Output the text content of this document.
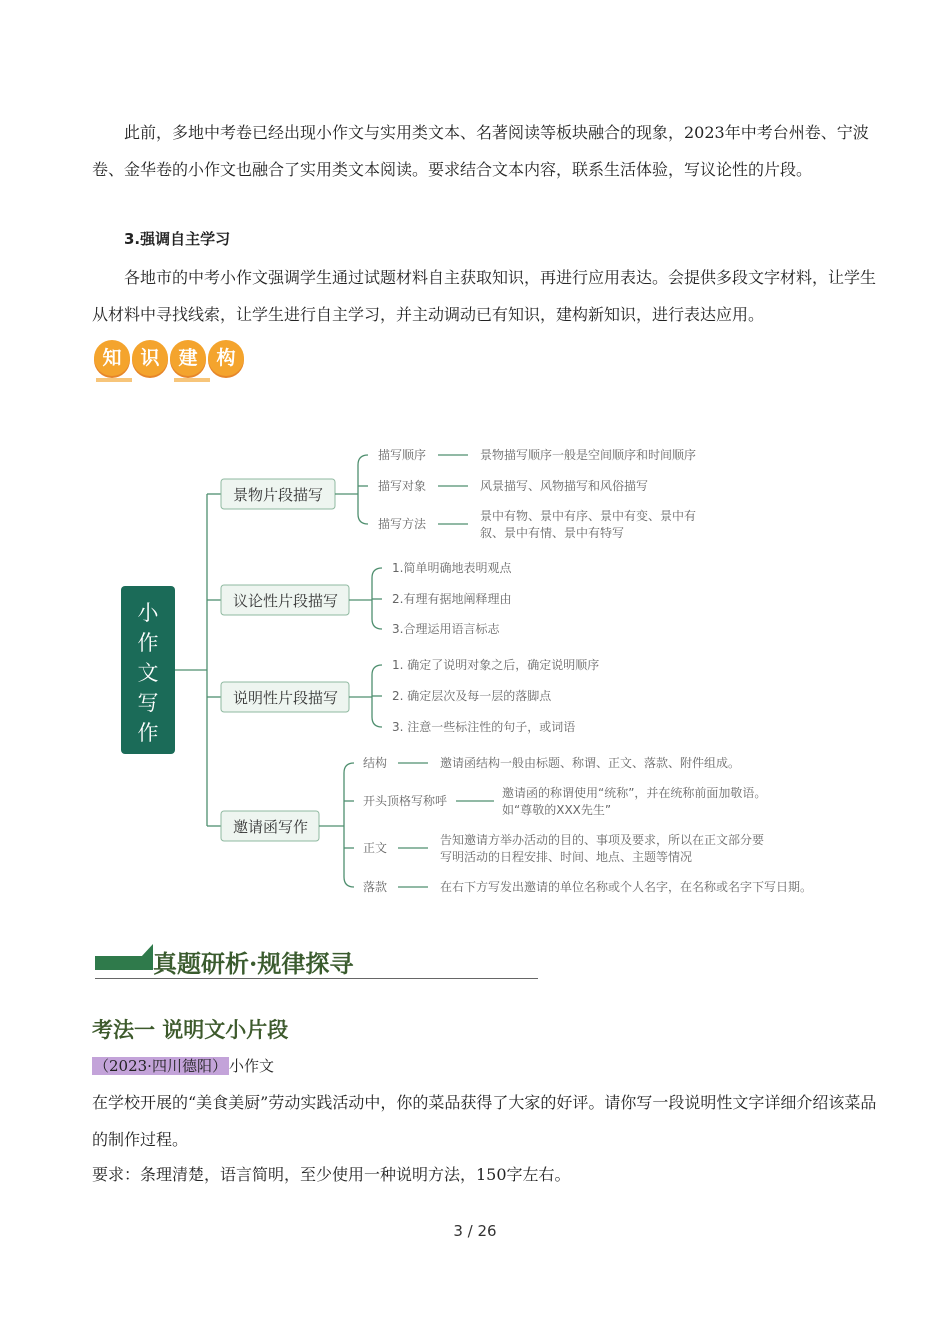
此前，多地中考卷已经出现小作文与实用类文本、名著阅读等板块融合的现象，2023年中考台州卷、宁波卷、金华卷的小作文也融合了实用类文本阅读。要求结合文本内容，联系生活体验，写议论性的片段。

3.强调自主学习

各地市的中考小作文强调学生通过试题材料自主获取知识，再进行应用表达。会提供多段文字材料，让学生从材料中寻找线索，让学生进行自主学习，并主动调动已有知识，建构新知识，进行表达应用。

知 识 建 构
小
作
文
写
作
景物片段描写
描写顺序	景物描写顺序一般是空间顺序和时间顺序
描写对象	风景描写、风物描写和风俗描写
描写方法
景中有物、景中有序、景中有变、景中有
叙、景中有情、景中有特写
议论性片段描写
1.简单明确地表明观点
2.有理有据地阐释理由
3.合理运用语言标志
说明性片段描写
1. 确定了说明对象之后，确定说明顺序
2. 确定层次及每一层的落脚点
3. 注意一些标注性的句子，或词语
邀请函写作
结构	邀请函结构一般由标题、称谓、正文、落款、附件组成。
开头顶格写称呼
邀请函的称谓使用“统称”，并在统称前面加敬语。
如“尊敬的XXX先生”
正文
告知邀请方举办活动的目的、事项及要求，所以在正文部分要
写明活动的日程安排、时间、地点、主题等情况
落款	在右下方写发出邀请的单位名称或个人名字，在名称或名字下写日期。
真题研析·规律探寻
考法一 说明文小片段
（2023·四川德阳） 小作文

在学校开展的“美食美厨”劳动实践活动中，你的菜品获得了大家的好评。请你写一段说明性文字详细介绍该菜品的制作过程。

要求：条理清楚，语言简明，至少使用一种说明方法，150字左右。

3 / 26
